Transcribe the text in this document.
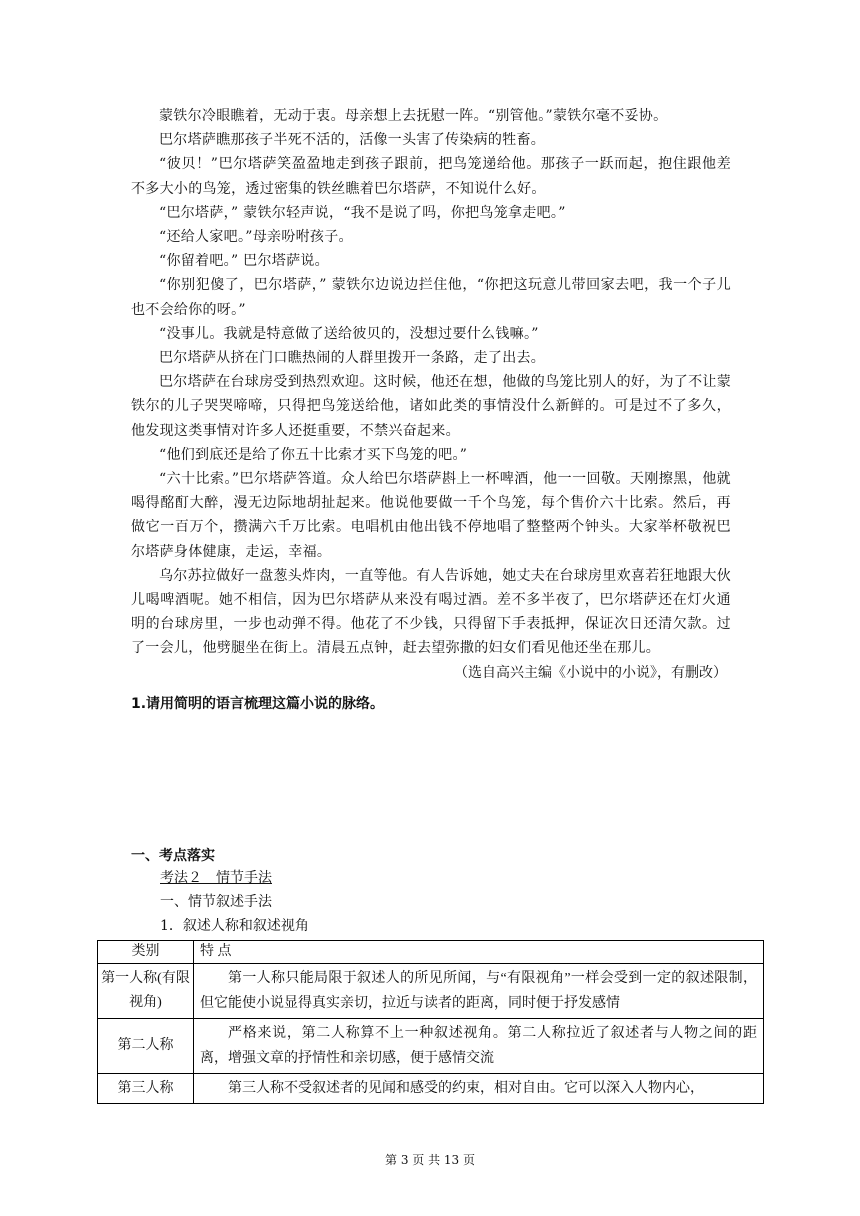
蒙铁尔冷眼瞧着，无动于衷。母亲想上去抚慰一阵。“别管他。”蒙铁尔毫不妥协。

巴尔塔萨瞧那孩子半死不活的，活像一头害了传染病的牲畜。

“彼贝！”巴尔塔萨笑盈盈地走到孩子跟前，把鸟笼递给他。那孩子一跃而起，抱住跟他差不多大小的鸟笼，透过密集的铁丝瞧着巴尔塔萨，不知说什么好。

“巴尔塔萨，” 蒙铁尔轻声说，“我不是说了吗，你把鸟笼拿走吧。”

“还给人家吧。”母亲吩咐孩子。

“你留着吧。” 巴尔塔萨说。

“你别犯傻了，巴尔塔萨，” 蒙铁尔边说边拦住他，“你把这玩意儿带回家去吧，我一个子儿也不会给你的呀。”

“没事儿。我就是特意做了送给彼贝的，没想过要什么钱嘛。”

巴尔塔萨从挤在门口瞧热闹的人群里拨开一条路，走了出去。

巴尔塔萨在台球房受到热烈欢迎。这时候，他还在想，他做的鸟笼比别人的好，为了不让蒙铁尔的儿子哭哭啼啼，只得把鸟笼送给他，诸如此类的事情没什么新鲜的。可是过不了多久，他发现这类事情对许多人还挺重要，不禁兴奋起来。

“他们到底还是给了你五十比索才买下鸟笼的吧。”

“六十比索。”巴尔塔萨答道。众人给巴尔塔萨斟上一杯啤酒，他一一回敬。天刚擦黑，他就喝得酩酊大醉，漫无边际地胡扯起来。他说他要做一千个鸟笼，每个售价六十比索。然后，再做它一百万个，攒满六千万比索。电唱机由他出钱不停地唱了整整两个钟头。大家举杯敬祝巴尔塔萨身体健康，走运，幸福。

乌尔苏拉做好一盘葱头炸肉，一直等他。有人告诉她，她丈夫在台球房里欢喜若狂地跟大伙儿喝啤酒呢。她不相信，因为巴尔塔萨从来没有喝过酒。差不多半夜了，巴尔塔萨还在灯火通明的台球房里，一步也动弹不得。他花了不少钱，只得留下手表抵押，保证次日还清欠款。过了一会儿，他劈腿坐在街上。清晨五点钟，赶去望弥撒的妇女们看见他还坐在那儿。

（选自高兴主编《小说中的小说》，有删改）

1.请用简明的语言梳理这篇小说的脉络。

一、考点落实

考法２　情节手法

一、情节叙述手法

1．叙述人称和叙述视角

类别	特 点
第一人称(有限视角)	第一人称只能局限于叙述人的所见所闻，与“有限视角”一样会受到一定的叙述限制，但它能使小说显得真实亲切，拉近与读者的距离，同时便于抒发感情
第二人称	严格来说，第二人称算不上一种叙述视角。第二人称拉近了叙述者与人物之间的距离，增强文章的抒情性和亲切感，便于感情交流
第三人称	第三人称不受叙述者的见闻和感受的约束，相对自由。它可以深入人物内心，

第 3 页 共 13 页
